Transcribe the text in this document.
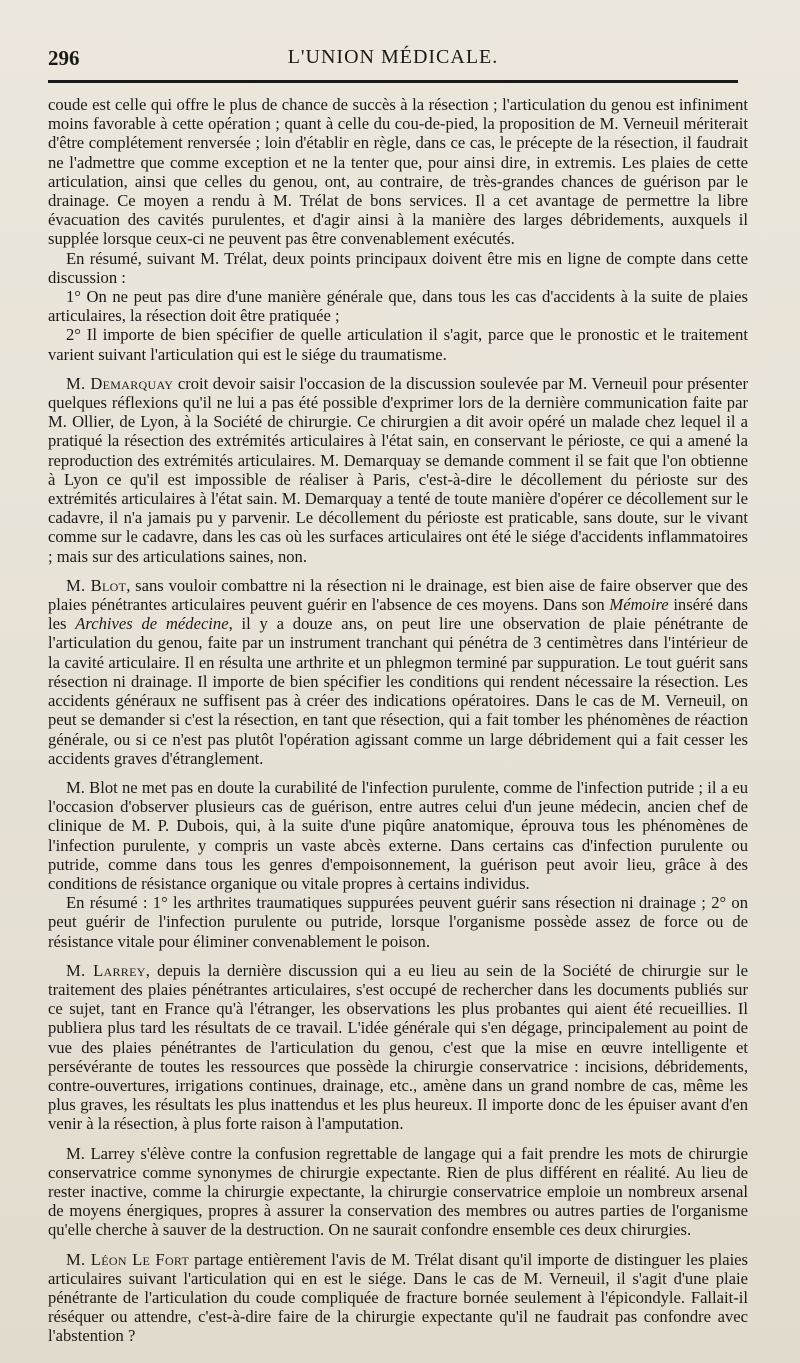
296	L'UNION MÉDICALE.

coude est celle qui offre le plus de chance de succès à la résection ; l'articulation du genou est infiniment moins favorable à cette opération ; quant à celle du cou-de-pied, la proposition de M. Verneuil mériterait d'être complétement renversée ; loin d'établir en règle, dans ce cas, le précepte de la résection, il faudrait ne l'admettre que comme exception et ne la tenter que, pour ainsi dire, in extremis. Les plaies de cette articulation, ainsi que celles du genou, ont, au contraire, de très-grandes chances de guérison par le drainage. Ce moyen a rendu à M. Trélat de bons services. Il a cet avantage de permettre la libre évacuation des cavités purulentes, et d'agir ainsi à la manière des larges débridements, auxquels il supplée lorsque ceux-ci ne peuvent pas être convenablement exécutés.

En résumé, suivant M. Trélat, deux points principaux doivent être mis en ligne de compte dans cette discussion :

1° On ne peut pas dire d'une manière générale que, dans tous les cas d'accidents à la suite de plaies articulaires, la résection doit être pratiquée ;

2° Il importe de bien spécifier de quelle articulation il s'agit, parce que le pronostic et le traitement varient suivant l'articulation qui est le siége du traumatisme.

M. Demarquay croit devoir saisir l'occasion de la discussion soulevée par M. Verneuil pour présenter quelques réflexions qu'il ne lui a pas été possible d'exprimer lors de la dernière communication faite par M. Ollier, de Lyon, à la Société de chirurgie. Ce chirurgien a dit avoir opéré un malade chez lequel il a pratiqué la résection des extrémités articulaires à l'état sain, en conservant le périoste, ce qui a amené la reproduction des extrémités articulaires. M. Demarquay se demande comment il se fait que l'on obtienne à Lyon ce qu'il est impossible de réaliser à Paris, c'est-à-dire le décollement du périoste sur des extrémités articulaires à l'état sain. M. Demarquay a tenté de toute manière d'opérer ce décollement sur le cadavre, il n'a jamais pu y parvenir. Le décollement du périoste est praticable, sans doute, sur le vivant comme sur le cadavre, dans les cas où les surfaces articulaires ont été le siége d'accidents inflammatoires ; mais sur des articulations saines, non.

M. Blot, sans vouloir combattre ni la résection ni le drainage, est bien aise de faire observer que des plaies pénétrantes articulaires peuvent guérir en l'absence de ces moyens. Dans son Mémoire inséré dans les Archives de médecine, il y a douze ans, on peut lire une observation de plaie pénétrante de l'articulation du genou, faite par un instrument tranchant qui pénétra de 3 centimètres dans l'intérieur de la cavité articulaire. Il en résulta une arthrite et un phlegmon terminé par suppuration. Le tout guérit sans résection ni drainage. Il importe de bien spécifier les conditions qui rendent nécessaire la résection. Les accidents généraux ne suffisent pas à créer des indications opératoires. Dans le cas de M. Verneuil, on peut se demander si c'est la résection, en tant que résection, qui a fait tomber les phénomènes de réaction générale, ou si ce n'est pas plutôt l'opération agissant comme un large débridement qui a fait cesser les accidents graves d'étranglement.

M. Blot ne met pas en doute la curabilité de l'infection purulente, comme de l'infection putride ; il a eu l'occasion d'observer plusieurs cas de guérison, entre autres celui d'un jeune médecin, ancien chef de clinique de M. P. Dubois, qui, à la suite d'une piqûre anatomique, éprouva tous les phénomènes de l'infection purulente, y compris un vaste abcès externe. Dans certains cas d'infection purulente ou putride, comme dans tous les genres d'empoisonnement, la guérison peut avoir lieu, grâce à des conditions de résistance organique ou vitale propres à certains individus.

En résumé : 1° les arthrites traumatiques suppurées peuvent guérir sans résection ni drainage ; 2° on peut guérir de l'infection purulente ou putride, lorsque l'organisme possède assez de force ou de résistance vitale pour éliminer convenablement le poison.

M. Larrey, depuis la dernière discussion qui a eu lieu au sein de la Société de chirurgie sur le traitement des plaies pénétrantes articulaires, s'est occupé de rechercher dans les documents publiés sur ce sujet, tant en France qu'à l'étranger, les observations les plus probantes qui aient été recueillies. Il publiera plus tard les résultats de ce travail. L'idée générale qui s'en dégage, principalement au point de vue des plaies pénétrantes de l'articulation du genou, c'est que la mise en œuvre intelligente et persévérante de toutes les ressources que possède la chirurgie conservatrice : incisions, débridements, contre-ouvertures, irrigations continues, drainage, etc., amène dans un grand nombre de cas, même les plus graves, les résultats les plus inattendus et les plus heureux. Il importe donc de les épuiser avant d'en venir à la résection, à plus forte raison à l'amputation.

M. Larrey s'élève contre la confusion regrettable de langage qui a fait prendre les mots de chirurgie conservatrice comme synonymes de chirurgie expectante. Rien de plus différent en réalité. Au lieu de rester inactive, comme la chirurgie expectante, la chirurgie conservatrice emploie un nombreux arsenal de moyens énergiques, propres à assurer la conservation des membres ou autres parties de l'organisme qu'elle cherche à sauver de la destruction. On ne saurait confondre ensemble ces deux chirurgies.

M. Léon Le Fort partage entièrement l'avis de M. Trélat disant qu'il importe de distinguer les plaies articulaires suivant l'articulation qui en est le siége. Dans le cas de M. Verneuil, il s'agit d'une plaie pénétrante de l'articulation du coude compliquée de fracture bornée seulement à l'épicondyle. Fallait-il réséquer ou attendre, c'est-à-dire faire de la chirurgie expectante qu'il ne faudrait pas confondre avec l'abstention ?
